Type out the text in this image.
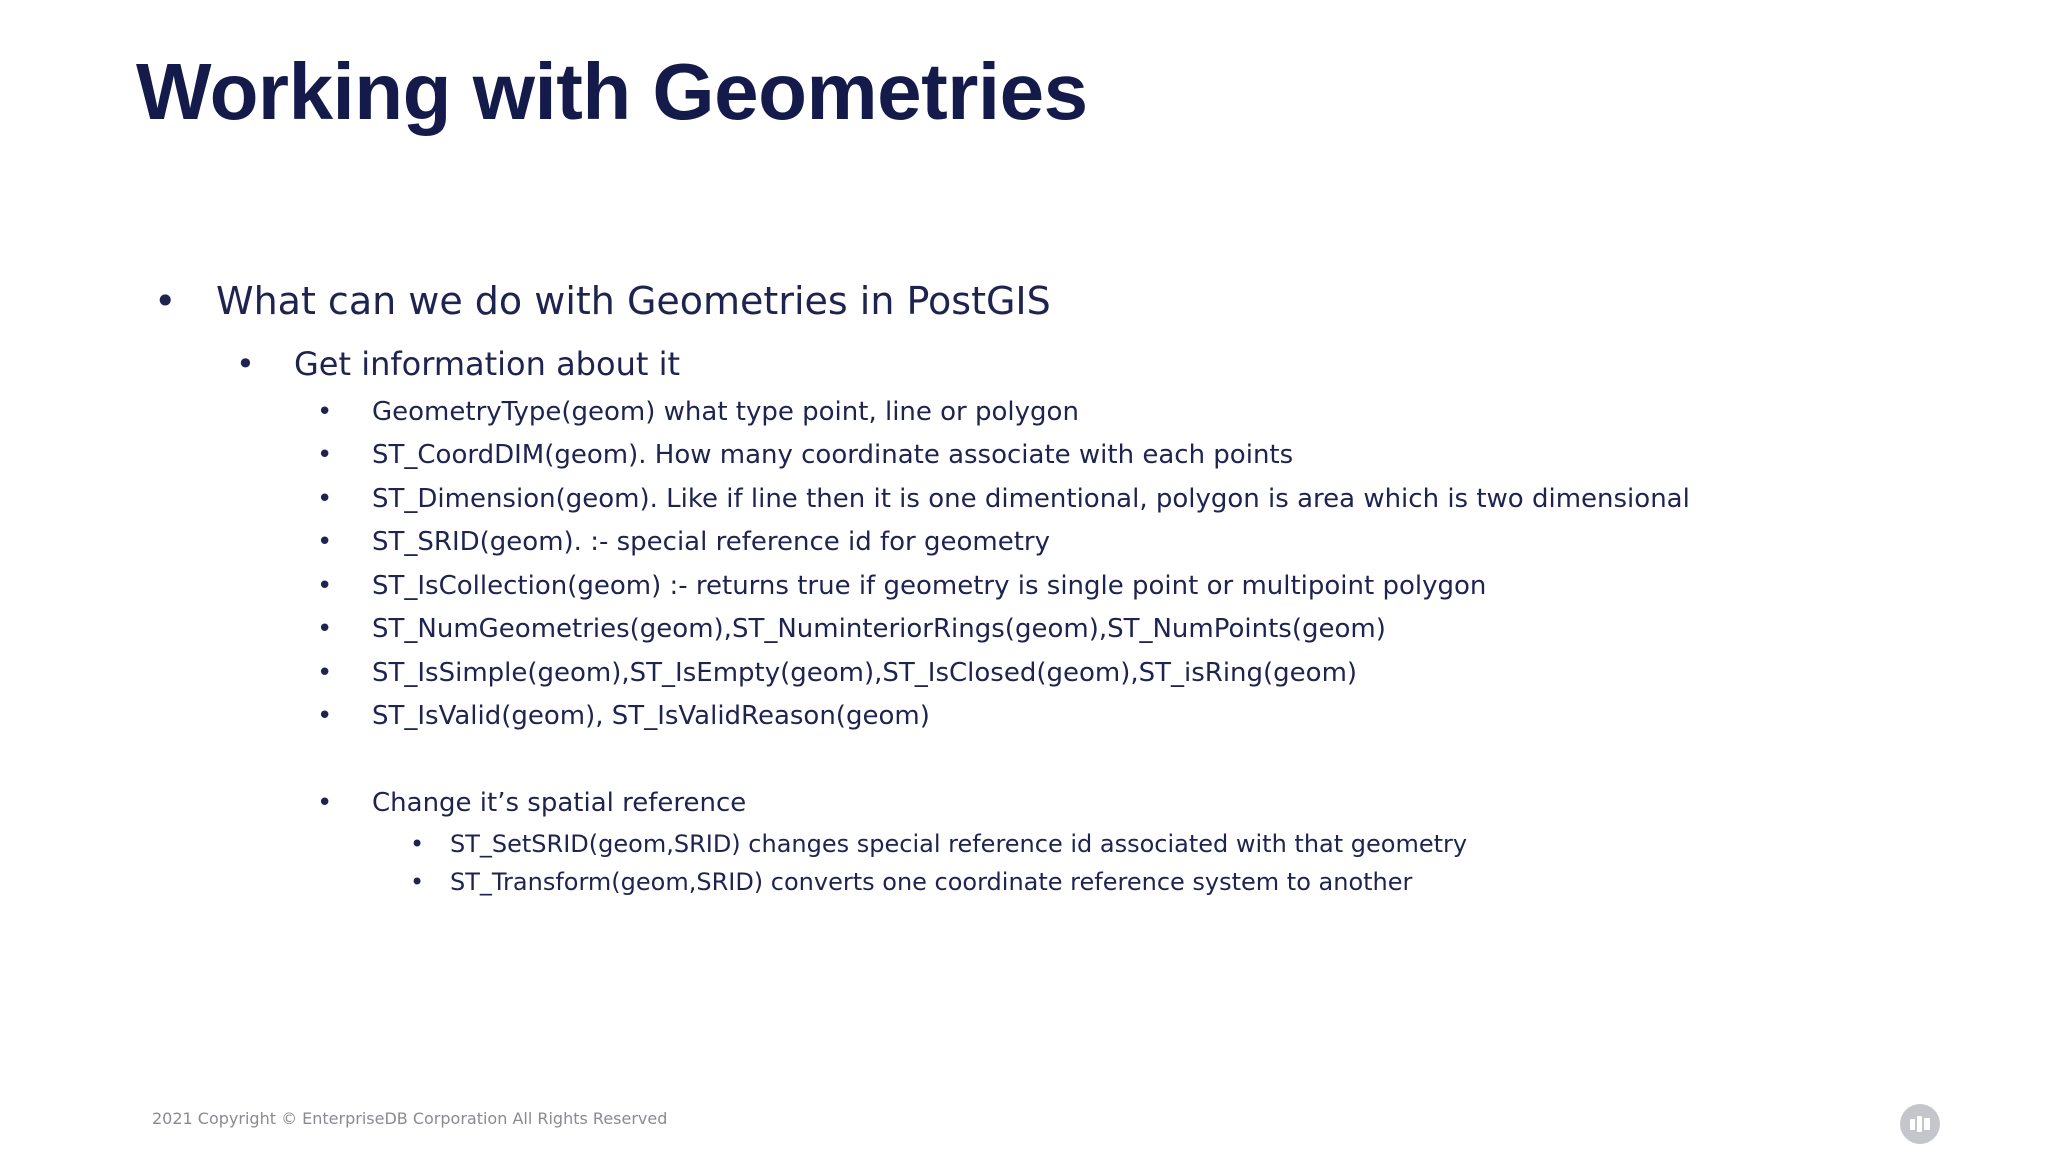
Working with Geometries
• What can we do with Geometries in PostGIS
• Get information about it
• GeometryType(geom) what type point, line or polygon
• ST_CoordDIM(geom). How many coordinate associate with each points
• ST_Dimension(geom). Like if line then it is one dimentional, polygon is area which is two dimensional
• ST_SRID(geom). :- special reference id for geometry
• ST_IsCollection(geom) :- returns true if geometry is single point or multipoint polygon
• ST_NumGeometries(geom),ST_NuminteriorRings(geom),ST_NumPoints(geom)
• ST_IsSimple(geom),ST_IsEmpty(geom),ST_IsClosed(geom),ST_isRing(geom)
• ST_IsValid(geom), ST_IsValidReason(geom)
• Change it’s spatial reference
• ST_SetSRID(geom,SRID) changes special reference id associated with that geometry
• ST_Transform(geom,SRID) converts one coordinate reference system to another
2021 Copyright © EnterpriseDB Corporation All Rights Reserved
